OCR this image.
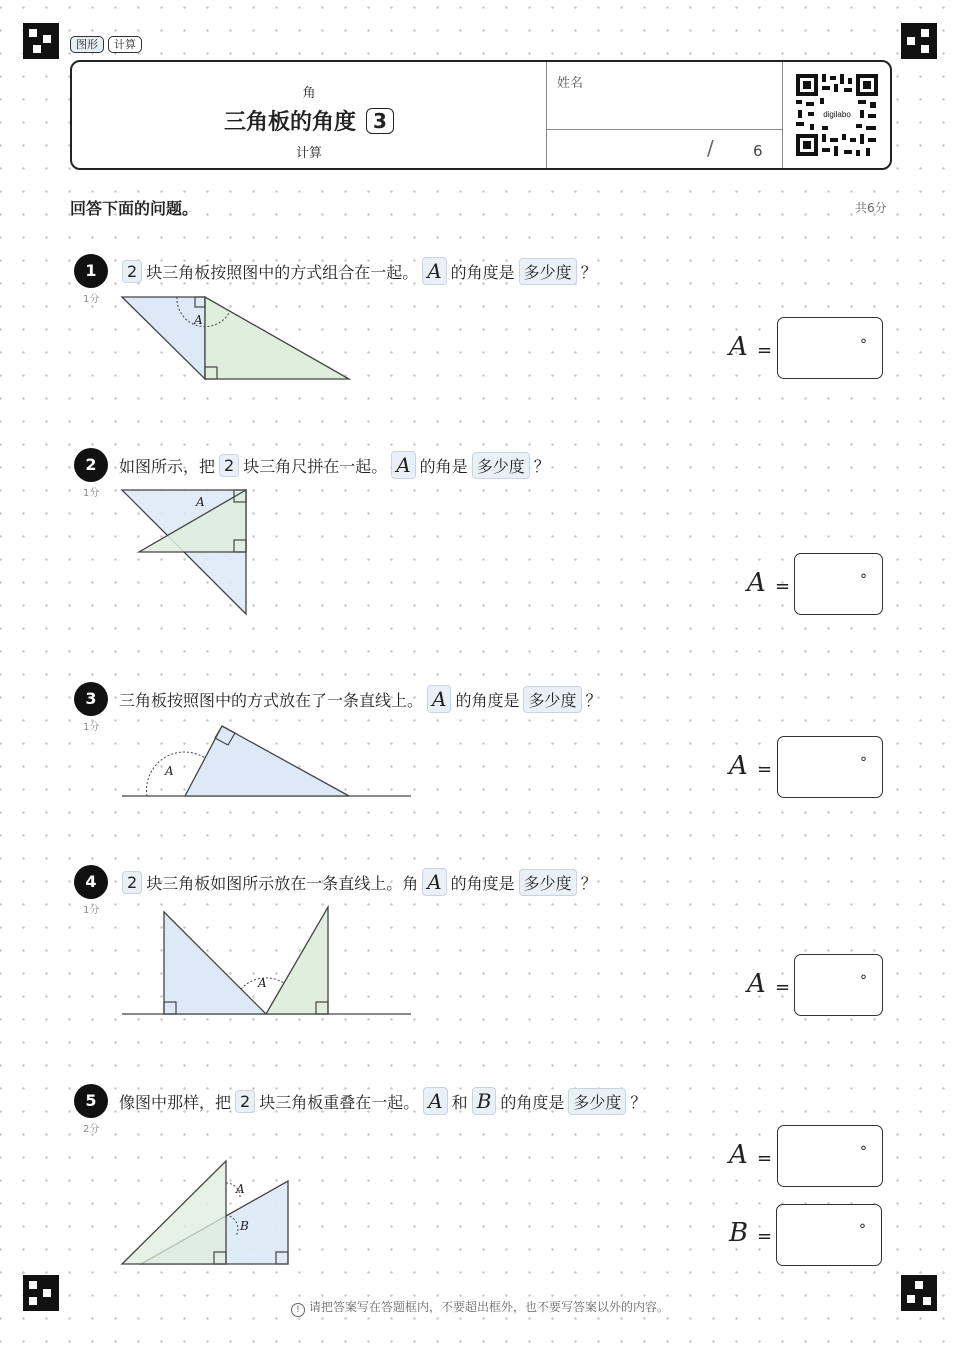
图形	计算
角
三角板的角度 3
计算
姓名
/	6
digilabo
回答下面的问题。	共6分
1
1分
2 块三角板按照图中的方式组合在一起。 A 的角度是 多少度 ？
A
A =	°
2
1分
如图所示，把 2 块三角尺拼在一起。 A 的角是 多少度 ？
A
A =	°
3
1分
三角板按照图中的方式放在了一条直线上。 A 的角度是 多少度 ？
A	A =	°
4
1分
2 块三角板如图所示放在一条直线上。角 A 的角度是 多少度 ？
A	A =	°
5
2分
像图中那样，把 2 块三角板重叠在一起。 A 和 B 的角度是 多少度 ？
A
B
A =	°
B =	°
! 请把答案写在答题框内，不要超出框外，也不要写答案以外的内容。
